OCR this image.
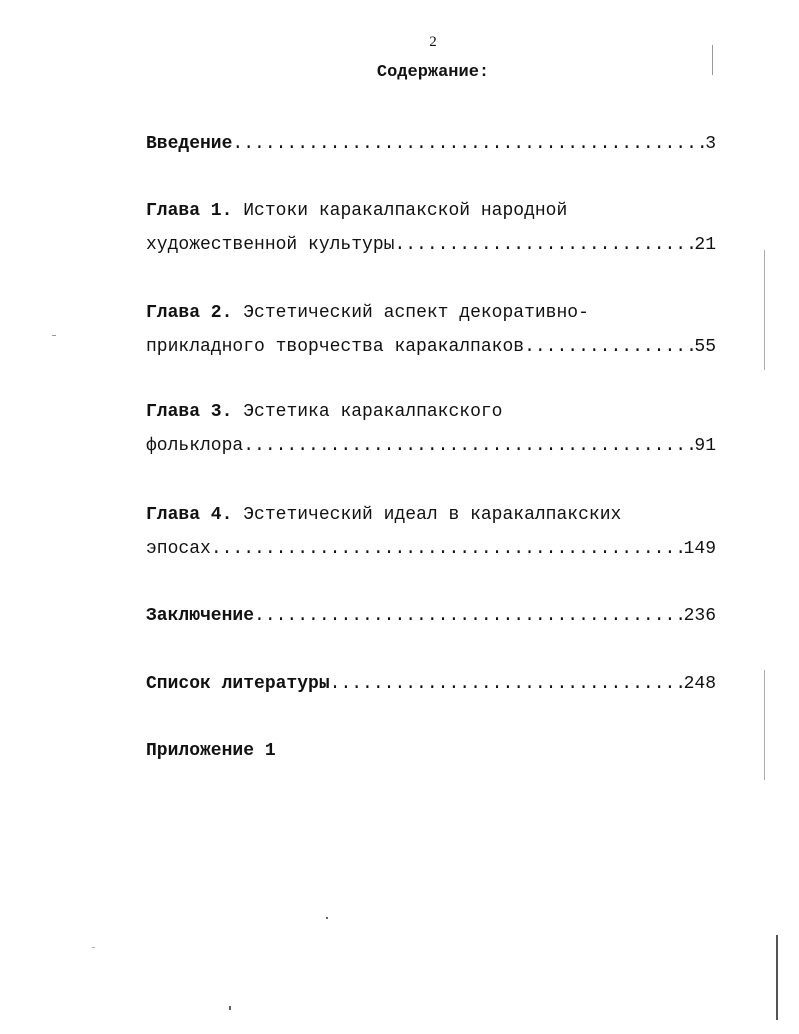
2
Содержание:
Введение .....	3
Глава 1. Истоки каракалпакской народной
художественной культуры .....	21
Глава 2. Эстетический аспект декоративно-
прикладного творчества каракалпаков .....	55
Глава 3. Эстетика каракалпакского
фольклора .....	91
Глава 4. Эстетический идеал в каракалпакских
эпосах .....	149
Заключение .....	236
Список литературы .....	248
Приложение 1
